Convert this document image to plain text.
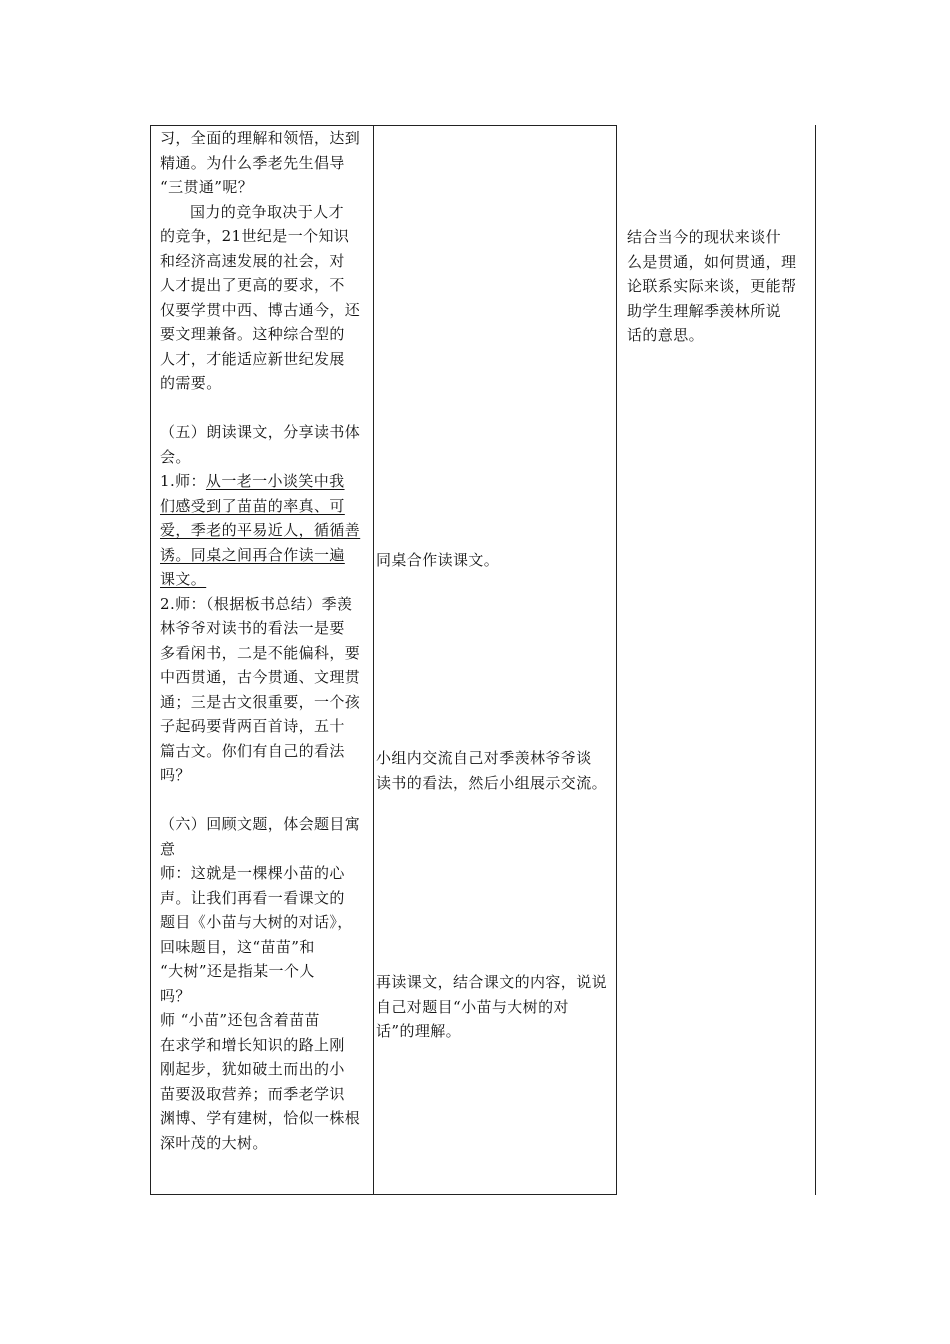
习，全面的理解和领悟，达到
精通。为什么季老先生倡导
“三贯通”呢？
国力的竞争取决于人才
的竞争，21世纪是一个知识
和经济高速发展的社会，对
人才提出了更高的要求，不
仅要学贯中西、博古通今，还
要文理兼备。这种综合型的
人才，才能适应新世纪发展
的需要。
（五）朗读课文，分享读书体
会。
1.师：从一老一小谈笑中我
们感受到了苗苗的率真、可
爱，季老的平易近人，循循善
诱。同桌之间再合作读一遍
课文。
2.师：（根据板书总结）季羡
林爷爷对读书的看法一是要
多看闲书，二是不能偏科，要
中西贯通，古今贯通、文理贯
通；三是古文很重要，一个孩
子起码要背两百首诗，五十
篇古文。你们有自己的看法
吗？
（六）回顾文题，体会题目寓
意
师：这就是一棵棵小苗的心
声。让我们再看一看课文的
题目《小苗与大树的对话》，
回味题目，这“苗苗”和
“大树”还是指某一个人
吗？
师 “小苗”还包含着苗苗
在求学和增长知识的路上刚
刚起步，犹如破土而出的小
苗要汲取营养；而季老学识
渊博、学有建树，恰似一株根
深叶茂的大树。
同桌合作读课文。
小组内交流自己对季羡林爷爷谈
读书的看法，然后小组展示交流。
再读课文，结合课文的内容，说说
自己对题目“小苗与大树的对
话”的理解。
结合当今的现状来谈什
么是贯通，如何贯通，理
论联系实际来谈，更能帮
助学生理解季羡林所说
话的意思。
